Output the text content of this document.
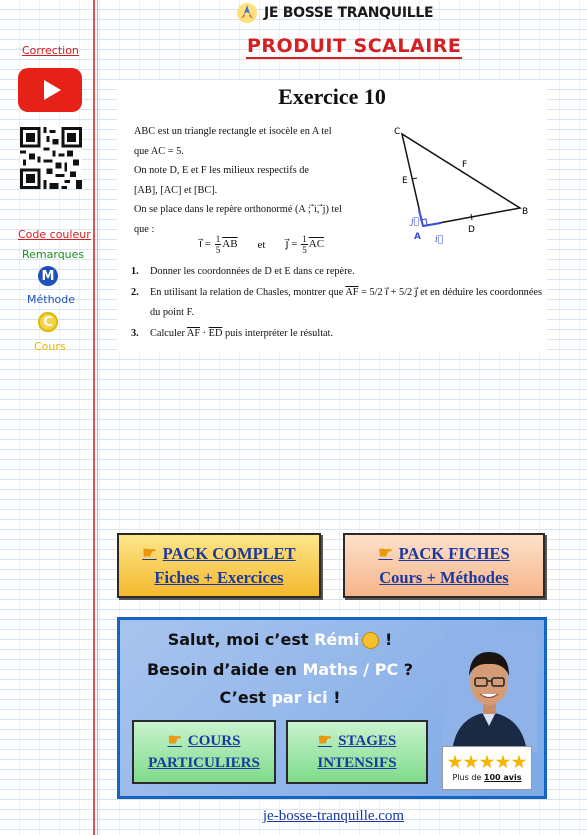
JE BOSSE TRANQUILLE
PRODUIT SCALAIRE
Correction
Code couleur
Remarques
M
Méthode
C
Cours
Exercice 10
ABC est un triangle rectangle et isocèle en A tel
que AC = 5.
On note D, E et F les milieux respectifs de
[AB], [AC] et [BC].
On se place dans le repère orthonormé (A ; ⃗i, ⃗j) tel
que :
i⃗ = $\frac{1}{5} \overline{AB}$ et j⃗ = $\frac{1}{5} \overline{AC}$
1. Donner les coordonnées de D et E dans ce repère.
2. En utilisant la relation de Chasles, montrer que $\overline{AF} = 5/2$ i⃗ + 5/2 j⃗ et en déduire les coordonnées du point F.
3. Calculer $\overline{AF} \cdot \overline{ED}$ puis interpréter le résultat.
C
B
A
D
E
F
i⃗
j⃗
☛ PACK COMPLET
Fiches + Exercices
☛ PACK FICHES
Cours + Méthodes
Salut, moi c’est Rémi !
Besoin d’aide en Maths / PC ?
C’est par ici !
☛ COURS
PARTICULIERS
☛ STAGES
INTENSIFS
Plus de 100 avis
je-bosse-tranquille.com
